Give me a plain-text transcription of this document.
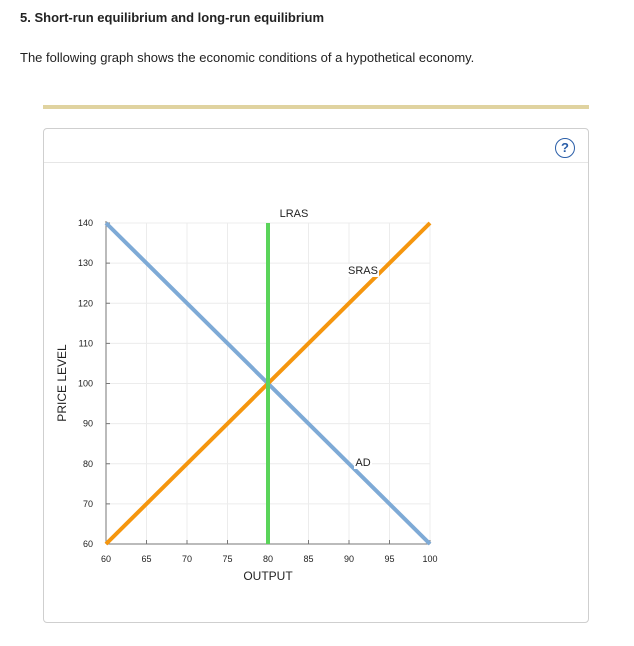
5. Short-run equilibrium and long-run equilibrium

The following graph shows the economic conditions of a hypothetical economy.

?
60
70
80
90
100
110
120
130
140
60	65	70	75	80	85	90	95	100
AD
SRAS
LRAS
OUTPUT
PRICE LEVEL
